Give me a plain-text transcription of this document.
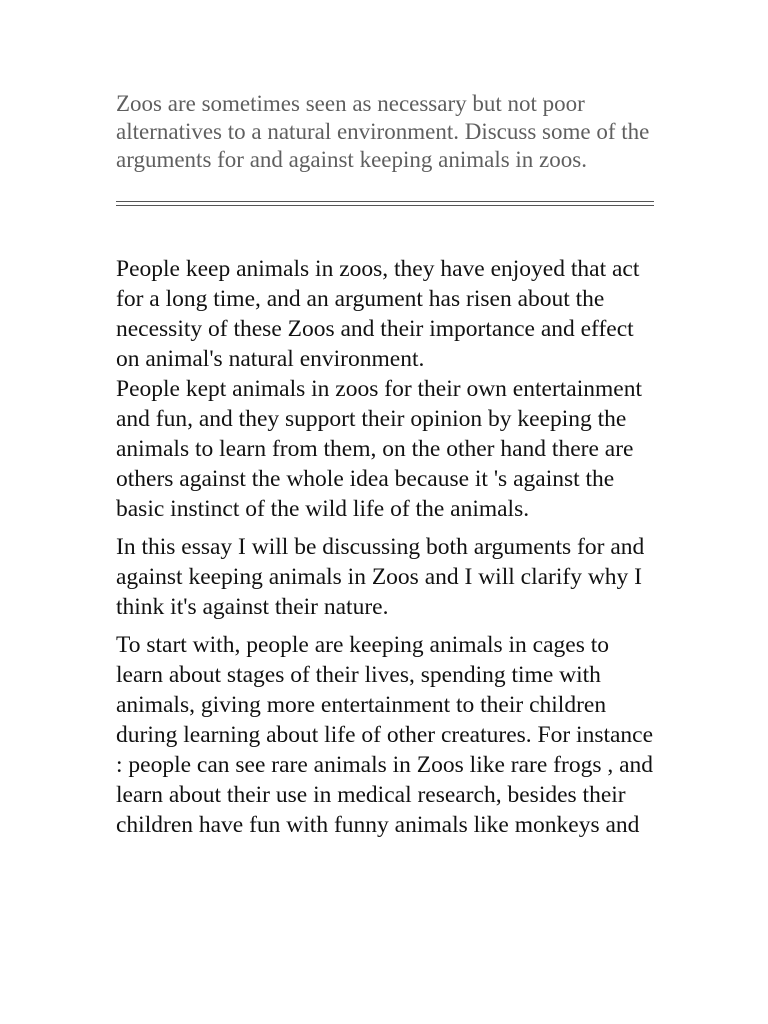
Zoos are sometimes seen as necessary but not poor alternatives to a natural environment. Discuss some of the arguments for and against keeping animals in zoos.

People keep animals in zoos, they have enjoyed that act for a long time, and an argument has risen about the necessity of these Zoos and their importance and effect on animal's natural environment.

People kept animals in zoos for their own entertainment and fun, and they support their opinion by keeping the animals to learn from them, on the other hand there are others against the whole idea because it 's against the basic instinct of the wild life of the animals.

In this essay I will be discussing both arguments for and against keeping animals in Zoos and I will clarify why I think it's against their nature.

To start with, people are keeping animals in cages to learn about stages of their lives, spending time with animals, giving more entertainment to their children during learning about life of other creatures. For instance : people can see rare animals in Zoos like rare frogs , and learn about their use in medical research, besides their children have fun with funny animals like monkeys and
